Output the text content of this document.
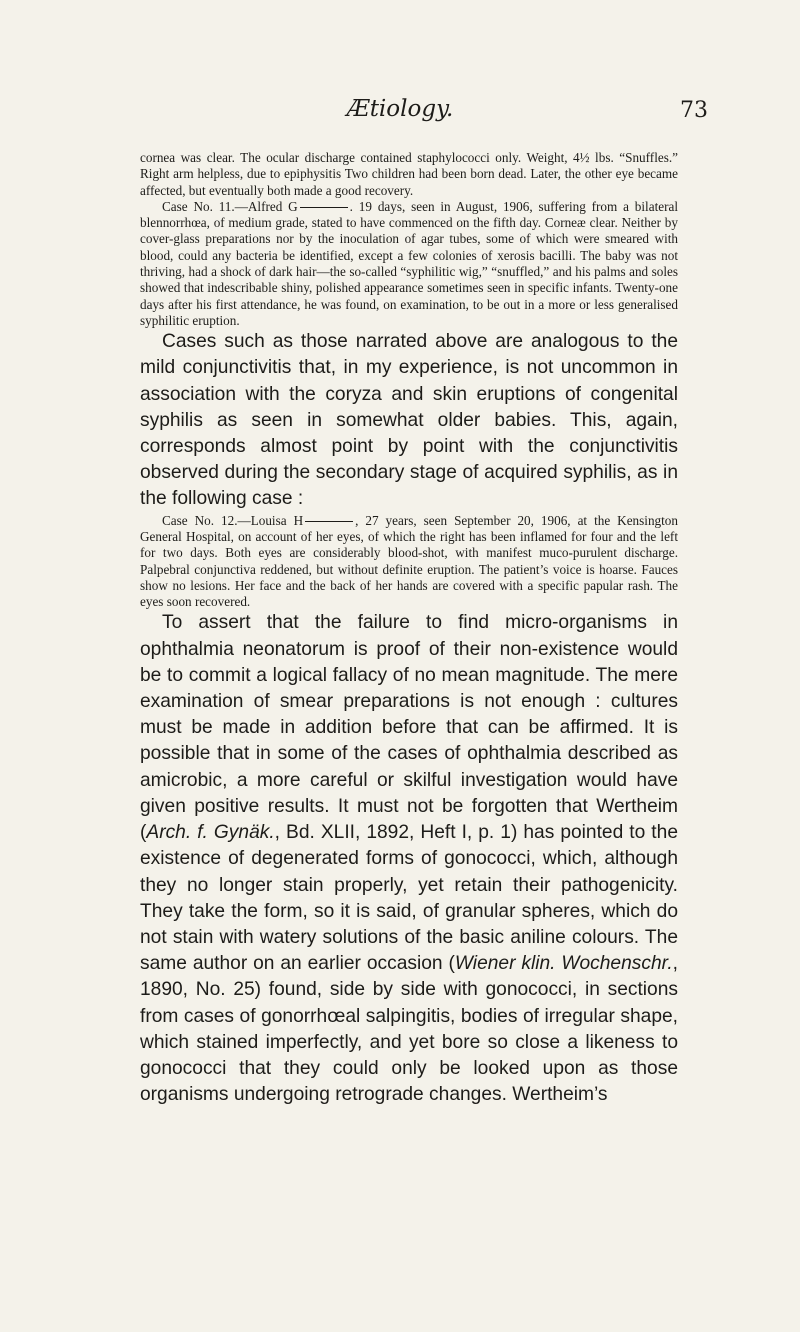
Ætiology.	73

cornea was clear. The ocular discharge contained staphylococci only. Weight, 4½ lbs. “Snuffles.” Right arm helpless, due to epiphysitis Two children had been born dead. Later, the other eye became affected, but eventually both made a good recovery.

Case No. 11.—Alfred G	. 19 days, seen in August, 1906, suffering from a bilateral blennorrhœa, of medium grade, stated to have commenced on the fifth day. Corneæ clear. Neither by cover-glass preparations nor by the inoculation of agar tubes, some of which were smeared with blood, could any bacteria be identified, except a few colonies of xerosis bacilli. The baby was not thriving, had a shock of dark hair—the so-called “syphilitic wig,” “snuffled,” and his palms and soles showed that indescribable shiny, polished appearance sometimes seen in specific infants. Twenty-one days after his first attendance, he was found, on examination, to be out in a more or less generalised syphilitic eruption.

Cases such as those narrated above are analogous to the mild conjunctivitis that, in my experience, is not uncommon in association with the coryza and skin eruptions of congenital syphilis as seen in somewhat older babies. This, again, corresponds almost point by point with the conjunctivitis observed during the secondary stage of acquired syphilis, as in the following case :

Case No. 12.—Louisa H	, 27 years, seen September 20, 1906, at the Kensington General Hospital, on account of her eyes, of which the right has been inflamed for four and the left for two days. Both eyes are considerably blood-shot, with manifest muco-purulent discharge. Palpebral conjunctiva reddened, but without definite eruption. The patient’s voice is hoarse. Fauces show no lesions. Her face and the back of her hands are covered with a specific papular rash. The eyes soon recovered.

To assert that the failure to find micro-organisms in ophthalmia neonatorum is proof of their non-existence would be to commit a logical fallacy of no mean magnitude. The mere examination of smear preparations is not enough : cultures must be made in addition before that can be affirmed. It is possible that in some of the cases of ophthalmia described as amicrobic, a more careful or skilful investigation would have given positive results. It must not be forgotten that Wertheim (Arch. f. Gynäk., Bd. XLII, 1892, Heft I, p. 1) has pointed to the existence of degenerated forms of gonococci, which, although they no longer stain properly, yet retain their pathogenicity. They take the form, so it is said, of granular spheres, which do not stain with watery solutions of the basic aniline colours. The same author on an earlier occasion (Wiener klin. Wochenschr., 1890, No. 25) found, side by side with gonococci, in sections from cases of gonorrhœal salpingitis, bodies of irregular shape, which stained imperfectly, and yet bore so close a likeness to gonococci that they could only be looked upon as those organisms undergoing retrograde changes. Wertheim’s
